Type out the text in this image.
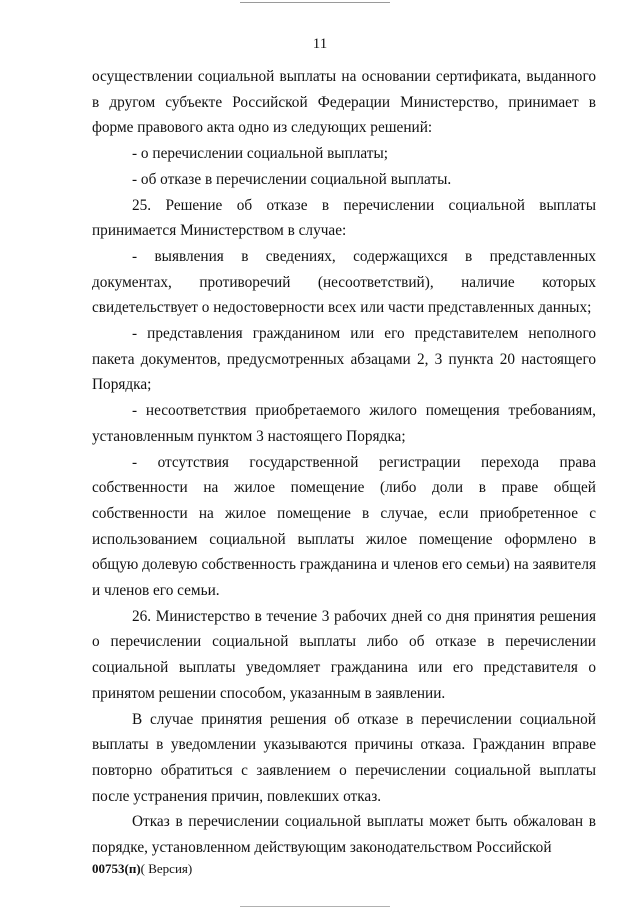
11

осуществлении социальной выплаты на основании сертификата, выданного в другом субъекте Российской Федерации Министерство, принимает в форме правового акта одно из следующих решений:

- о перечислении социальной выплаты;

- об отказе в перечислении социальной выплаты.

25. Решение об отказе в перечислении социальной выплаты принимается Министерством в случае:

- выявления в сведениях, содержащихся в представленных документах, противоречий (несоответствий), наличие которых свидетельствует о недостоверности всех или части представленных данных;

- представления гражданином или его представителем неполного пакета документов, предусмотренных абзацами 2, 3 пункта 20 настоящего Порядка;

- несоответствия приобретаемого жилого помещения требованиям, установленным пунктом 3 настоящего Порядка;

- отсутствия государственной регистрации перехода права собственности на жилое помещение (либо доли в праве общей собственности на жилое помещение в случае, если приобретенное с использованием социальной выплаты жилое помещение оформлено в общую долевую собственность гражданина и членов его семьи) на заявителя и членов его семьи.

26. Министерство в течение 3 рабочих дней со дня принятия решения о перечислении социальной выплаты либо об отказе в перечислении социальной выплаты уведомляет гражданина или его представителя о принятом решении способом, указанным в заявлении.

В случае принятия решения об отказе в перечислении социальной выплаты в уведомлении указываются причины отказа. Гражданин вправе повторно обратиться с заявлением о перечислении социальной выплаты после устранения причин, повлекших отказ.

Отказ в перечислении социальной выплаты может быть обжалован в порядке, установленном действующим законодательством Российской

00753(п)( Версия)
